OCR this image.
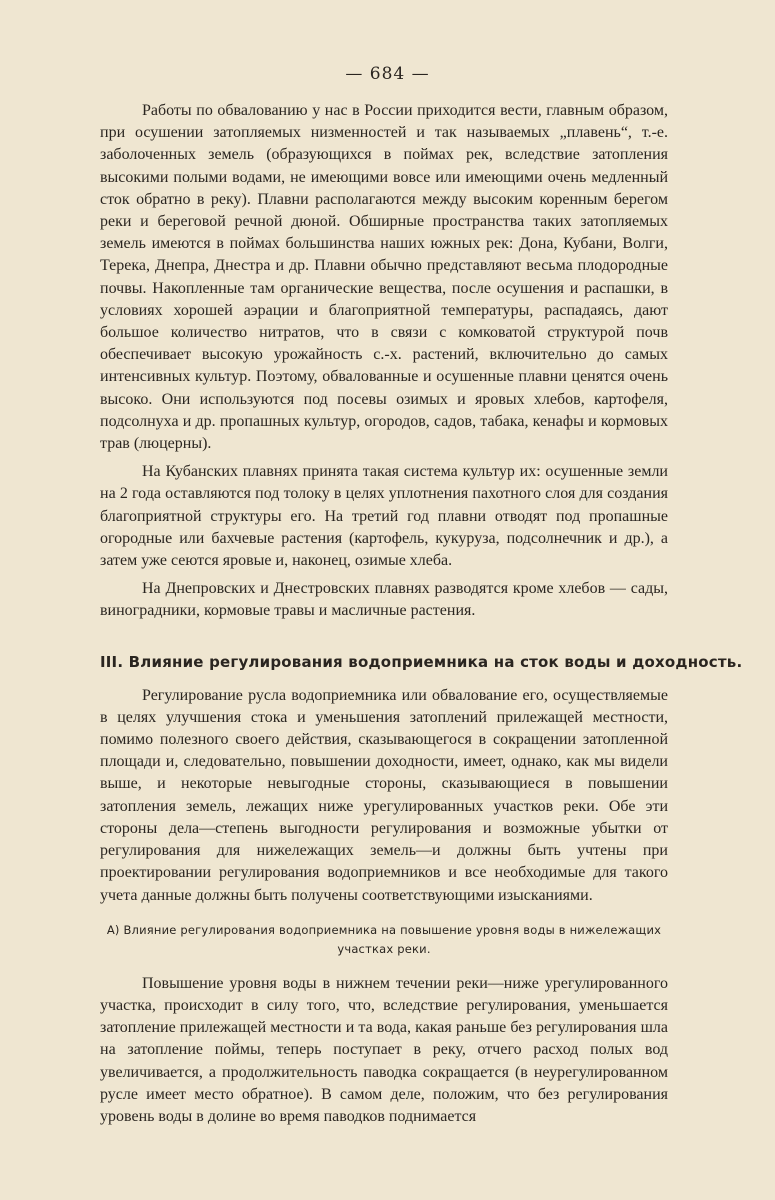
— 684 —

Работы по обвалованию у нас в России приходится вести, главным образом, при осушении затопляемых низменностей и так называемых „плавень“, т.-е. заболоченных земель (образующихся в поймах рек, вследствие затопления высокими полыми водами, не имеющими вовсе или имеющими очень медленный сток обратно в реку). Плавни располагаются между высоким коренным берегом реки и береговой речной дюной. Обширные пространства таких затопляемых земель имеются в поймах большинства наших южных рек: Дона, Кубани, Волги, Терека, Днепра, Днестра и др. Плавни обычно представляют весьма плодородные почвы. Накопленные там органические вещества, после осушения и распашки, в условиях хорошей аэрации и благоприятной температуры, распадаясь, дают большое количество нитратов, что в связи с комковатой структурой почв обеспечивает высокую урожайность с.-х. растений, включительно до самых интенсивных культур. Поэтому, обвалованные и осушенные плавни ценятся очень высоко. Они используются под посевы озимых и яровых хлебов, картофеля, подсолнуха и др. пропашных культур, огородов, садов, табака, кенафы и кормовых трав (люцерны).

На Кубанских плавнях принята такая система культур их: осушенные земли на 2 года оставляются под толоку в целях уплотнения пахотного слоя для создания благоприятной структуры его. На третий год плавни отводят под пропашные огородные или бахчевые растения (картофель, кукуруза, подсолнечник и др.), а затем уже сеются яровые и, наконец, озимые хлеба.

На Днепровских и Днестровских плавнях разводятся кроме хлебов — сады, виноградники, кормовые травы и масличные растения.

III. Влияние регулирования водоприемника на сток воды и доходность.

Регулирование русла водоприемника или обвалование его, осуществляемые в целях улучшения стока и уменьшения затоплений прилежащей местности, помимо полезного своего действия, сказывающегося в сокращении затопленной площади и, следовательно, повышении доходности, имеет, однако, как мы видели выше, и некоторые невыгодные стороны, сказывающиеся в повышении затопления земель, лежащих ниже урегулированных участков реки. Обе эти стороны дела—степень выгодности регулирования и возможные убытки от регулирования для нижележащих земель—и должны быть учтены при проектировании регулирования водоприемников и все необходимые для такого учета данные должны быть получены соответствующими изысканиями.

А) Влияние регулирования водоприемника на повышение уровня воды в нижележащих участках реки.

Повышение уровня воды в нижнем течении реки—ниже урегулированного участка, происходит в силу того, что, вследствие регулирования, уменьшается затопление прилежащей местности и та вода, какая раньше без регулирования шла на затопление поймы, теперь поступает в реку, отчего расход полых вод увеличивается, а продолжительность паводка сокращается (в неурегулированном русле имеет место обратное). В самом деле, положим, что без регулирования уровень воды в долине во время паводков поднимается
